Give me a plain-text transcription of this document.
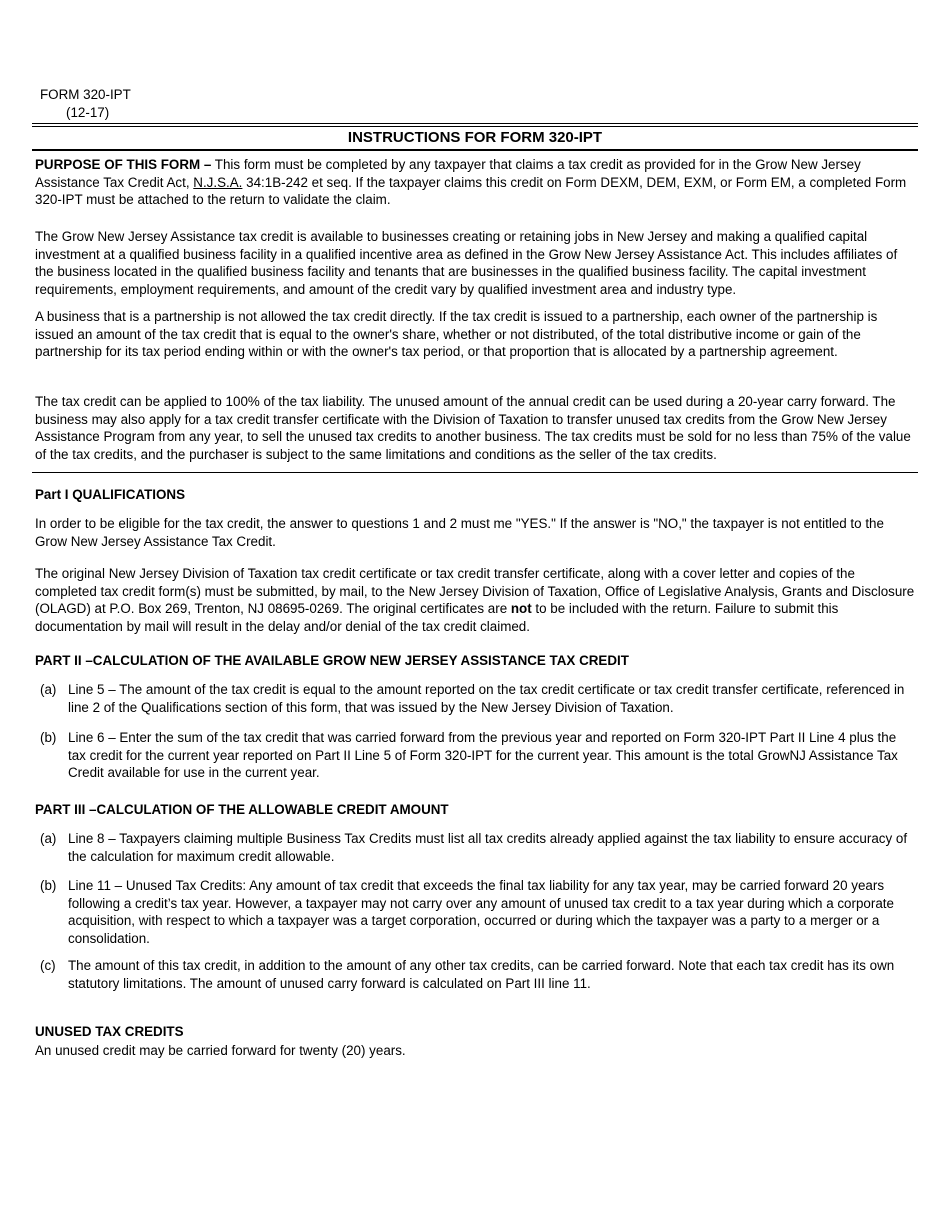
FORM 320-IPT
(12-17)
INSTRUCTIONS FOR FORM 320-IPT

PURPOSE OF THIS FORM – This form must be completed by any taxpayer that claims a tax credit as provided for in the Grow New Jersey Assistance Tax Credit Act, N.J.S.A. 34:1B-242 et seq. If the taxpayer claims this credit on Form DEXM, DEM, EXM, or Form EM, a completed Form 320-IPT must be attached to the return to validate the claim.

The Grow New Jersey Assistance tax credit is available to businesses creating or retaining jobs in New Jersey and making a qualified capital investment at a qualified business facility in a qualified incentive area as defined in the Grow New Jersey Assistance Act. This includes affiliates of the business located in the qualified business facility and tenants that are businesses in the qualified business facility. The capital investment requirements, employment requirements, and amount of the credit vary by qualified investment area and industry type.

A business that is a partnership is not allowed the tax credit directly. If the tax credit is issued to a partnership, each owner of the partnership is issued an amount of the tax credit that is equal to the owner's share, whether or not distributed, of the total distributive income or gain of the partnership for its tax period ending within or with the owner's tax period, or that proportion that is allocated by a partnership agreement.

The tax credit can be applied to 100% of the tax liability. The unused amount of the annual credit can be used during a 20-year carry forward. The business may also apply for a tax credit transfer certificate with the Division of Taxation to transfer unused tax credits from the Grow New Jersey Assistance Program from any year, to sell the unused tax credits to another business. The tax credits must be sold for no less than 75% of the value of the tax credits, and the purchaser is subject to the same limitations and conditions as the seller of the tax credits.

Part I QUALIFICATIONS

In order to be eligible for the tax credit, the answer to questions 1 and 2 must me "YES." If the answer is "NO," the taxpayer is not entitled to the Grow New Jersey Assistance Tax Credit.

The original New Jersey Division of Taxation tax credit certificate or tax credit transfer certificate, along with a cover letter and copies of the completed tax credit form(s) must be submitted, by mail, to the New Jersey Division of Taxation, Office of Legislative Analysis, Grants and Disclosure (OLAGD) at P.O. Box 269, Trenton, NJ 08695-0269. The original certificates are not to be included with the return. Failure to submit this documentation by mail will result in the delay and/or denial of the tax credit claimed.

PART II –CALCULATION OF THE AVAILABLE GROW NEW JERSEY ASSISTANCE TAX CREDIT
(a) Line 5 – The amount of the tax credit is equal to the amount reported on the tax credit certificate or tax credit transfer certificate, referenced in line 2 of the Qualifications section of this form, that was issued by the New Jersey Division of Taxation.
(b) Line 6 – Enter the sum of the tax credit that was carried forward from the previous year and reported on Form 320-IPT Part II Line 4 plus the tax credit for the current year reported on Part II Line 5 of Form 320-IPT for the current year. This amount is the total GrowNJ Assistance Tax Credit available for use in the current year.
PART III –CALCULATION OF THE ALLOWABLE CREDIT AMOUNT
(a) Line 8 – Taxpayers claiming multiple Business Tax Credits must list all tax credits already applied against the tax liability to ensure accuracy of the calculation for maximum credit allowable.
(b) Line 11 – Unused Tax Credits: Any amount of tax credit that exceeds the final tax liability for any tax year, may be carried forward 20 years following a credit’s tax year. However, a taxpayer may not carry over any amount of unused tax credit to a tax year during which a corporate acquisition, with respect to which a taxpayer was a target corporation, occurred or during which the taxpayer was a party to a merger or a consolidation.
(c) The amount of this tax credit, in addition to the amount of any other tax credits, can be carried forward. Note that each tax credit has its own statutory limitations. The amount of unused carry forward is calculated on Part III line 11.
UNUSED TAX CREDITS

An unused credit may be carried forward for twenty (20) years.
